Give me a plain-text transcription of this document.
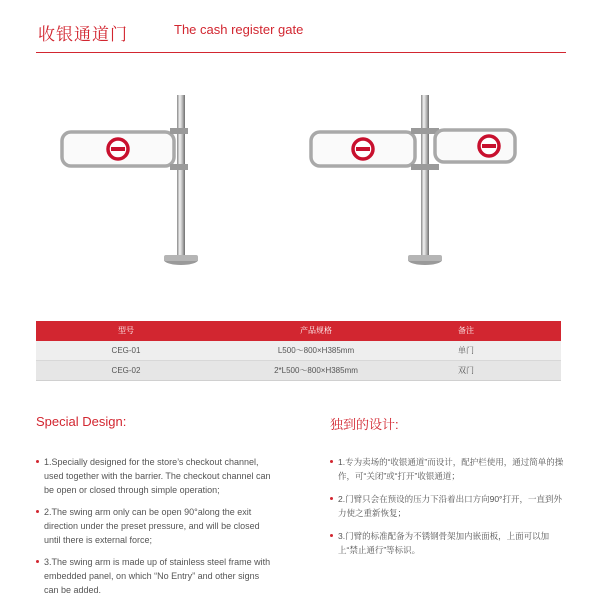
收银通道门	The cash register gate
型号	产品规格	备注
CEG-01	L500～800×H385mm	单门
CEG-02	2*L500～800×H385mm	双门
Special Design:	独到的设计:
1.Specially designed for the store’s checkout channel, used together with the barrier. The checkout channel can be open or closed through simple operation;
2.The swing arm only can be open 90°along the exit direction under the preset pressure, and will be closed until there is external force;
3.The swing arm is made up of stainless steel frame with embedded panel, on which “No Entry” and other signs can be added.
1.专为卖场的“收银通道”而设计，配护栏使用，通过简单的操作，可“关闭”或“打开”收银通道；
2.门臂只会在预设的压力下沿着出口方向90°打开，一直到外力使之重新恢复；
3.门臂的标准配备为不锈钢骨架加内嵌面板，上面可以加上“禁止通行”等标识。
